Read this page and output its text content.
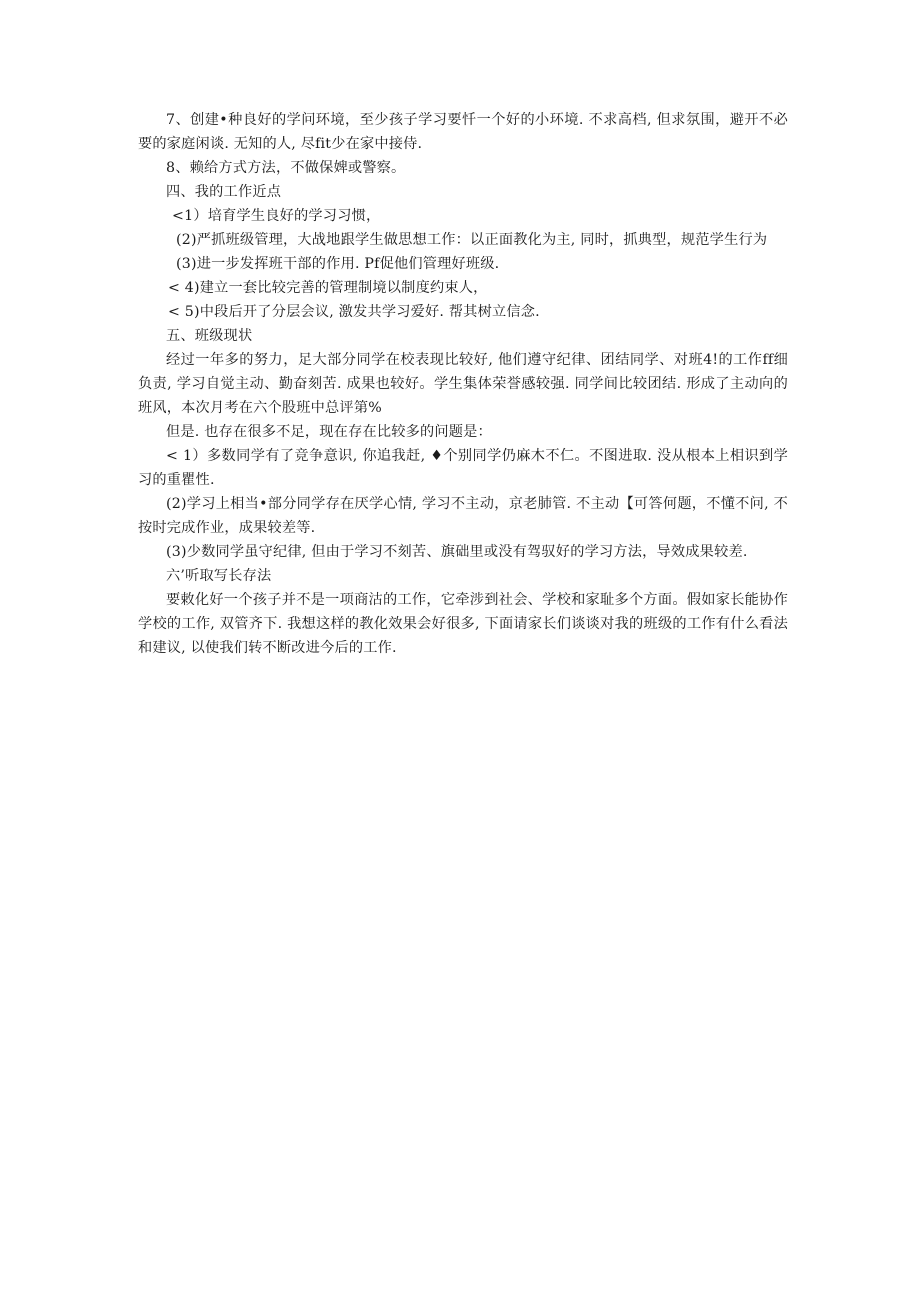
7、创建•种良好的学问环境，至少孩子学习要忏一个好的小环境. 不求高档, 但求氛围，避开不必要的家庭闲谈. 无知的人, 尽fit少在家中接侍.

8、赖给方式方法，不做保婢或警察。

四、我的工作近点

<1）培育学生良好的学习习惯，

(2)严抓班级管理，大战地跟学生做思想工作：以正面教化为主, 同时，抓典型，规范学生行为

(3)进一步发挥班干部的作用. Pf促他们管理好班级.

< 4)建立一套比较完善的管理制境以制度约束人，

< 5)中段后开了分层会议, 激发共学习爱好. 帮其树立信念.

五、班级现状

经过一年多的努力，足大部分同学在校表现比较好, 他们遵守纪律、团结同学、对班4!的工作ff细负责, 学习自觉主动、勤奋刻苦. 成果也较好。学生集体荣誉感较强. 同学间比较团结. 形成了主动向的班风，本次月考在六个股班中总评第%

但是. 也存在很多不足，现在存在比较多的问题是：

< 1）多数同学有了竞争意识, 你追我赶, ♦个别同学仍麻木不仁。不图进取. 没从根本上相识到学习的重瞿性.

(2)学习上相当•部分同学存在厌学心情, 学习不主动，京老肺管. 不主动【可答何题，不懂不问, 不按时完成作业，成果较差等.

(3)少数同学虽守纪律, 但由于学习不刻苦、旗础里或没有驾驭好的学习方法，导效成果较差.

六’听取写长存法

要敕化好一个孩子并不是一项商沽的工作，它牵涉到社会、学校和家耻多个方面。假如家长能协作学校的工作, 双管齐下. 我想这样的教化效果会好很多, 下面请家长们谈谈对我的班级的工作有什么看法和建议, 以使我们转不断改进今后的工作.
